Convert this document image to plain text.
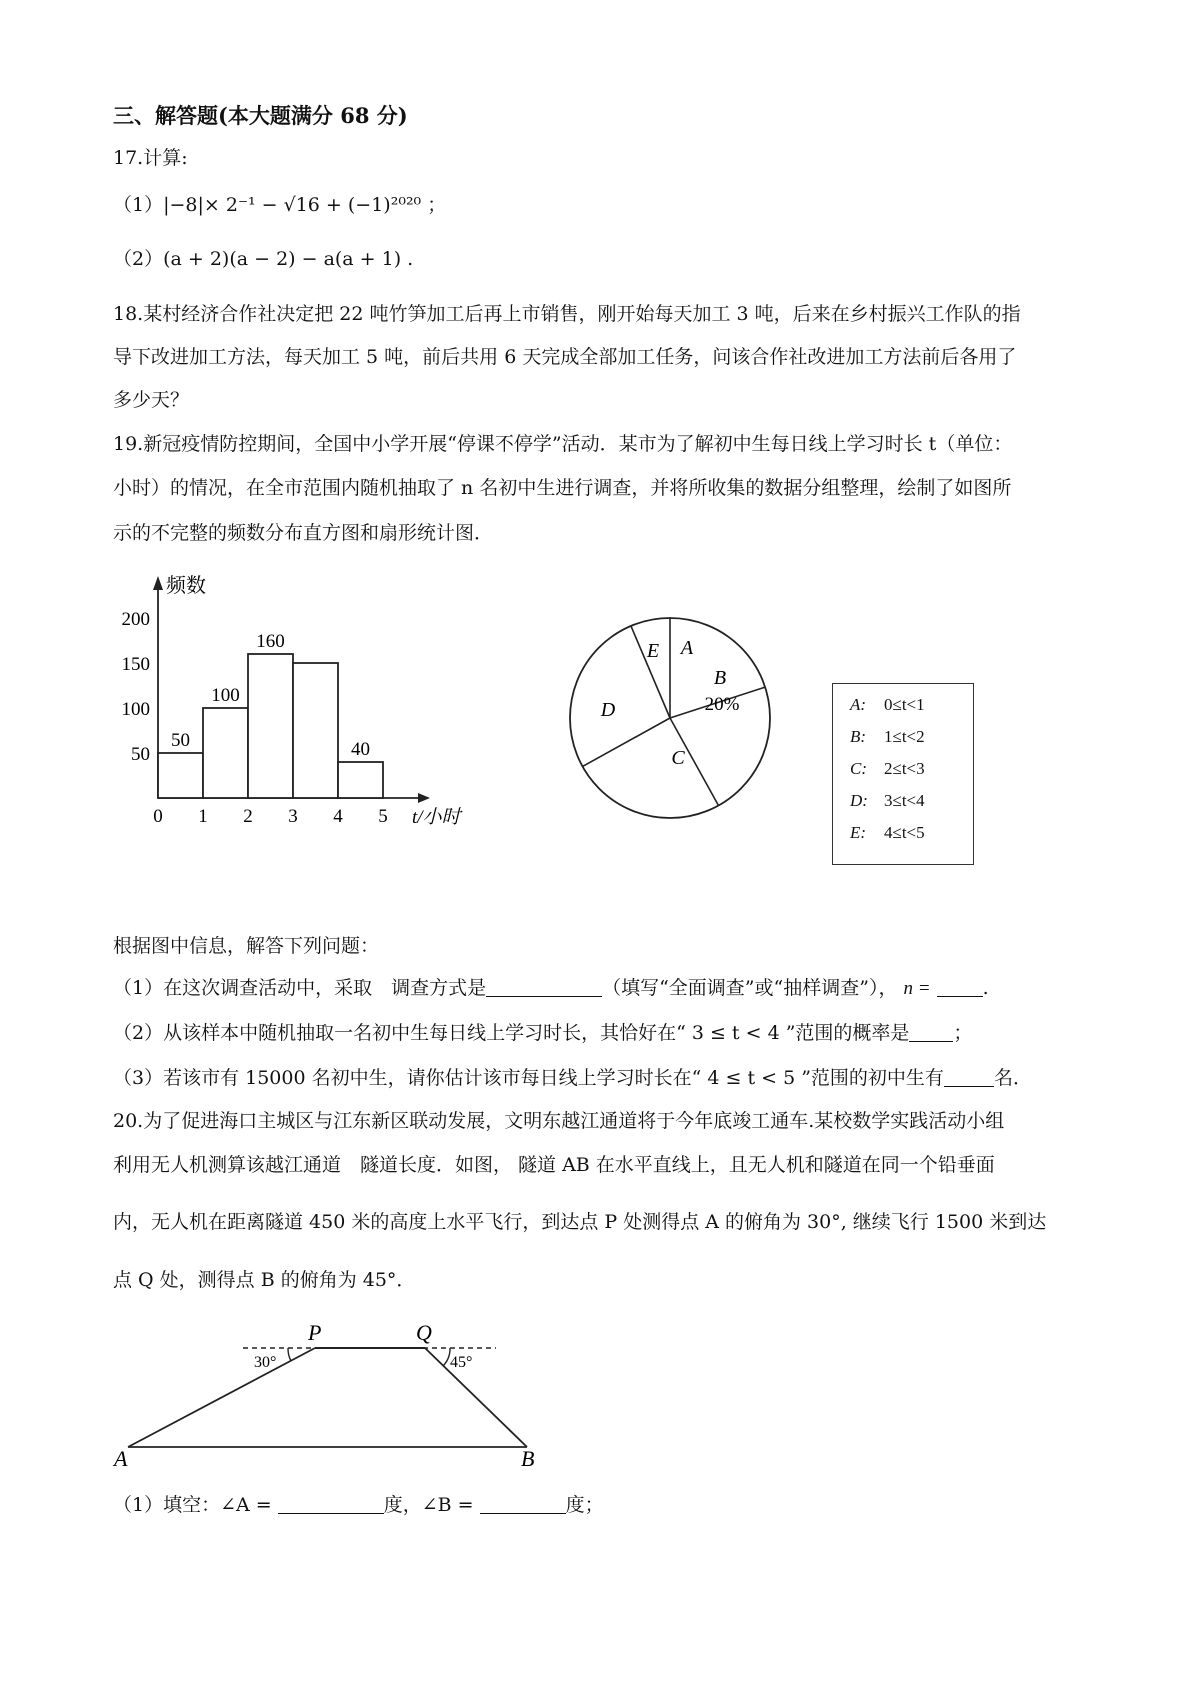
三、解答题(本大题满分 68 分)
17.计算:
（1）|−8|× 2⁻¹ − √16 + (−1)²⁰²⁰ ；
（2）(a + 2)(a − 2) − a(a + 1) .
18.某村经济合作社决定把 22 吨竹笋加工后再上市销售，刚开始每天加工 3 吨，后来在乡村振兴工作队的指
导下改进加工方法，每天加工 5 吨，前后共用 6 天完成全部加工任务，问该合作社改进加工方法前后各用了
多少天？
19.新冠疫情防控期间，全国中小学开展“停课不停学”活动．某市为了解初中生每日线上学习时长 t（单位：
小时）的情况，在全市范围内随机抽取了 n 名初中生进行调查，并将所收集的数据分组整理，绘制了如图所
示的不完整的频数分布直方图和扇形统计图．
频数
t/小时
200
150
100
50
0 1 2 3 4 5
50
100
160
40
A
B
20%
C
D
E
A: 0≤t<1
B: 1≤t<2
C: 2≤t<3
D: 3≤t<4
E: 4≤t<5
根据图中信息，解答下列问题：
（1）在这次调查活动中，采取　调查方式是	（填写“全面调查”或“抽样调查”）， n =	.
（2）从该样本中随机抽取一名初中生每日线上学习时长，其恰好在“ 3 ≤ t < 4 ”范围的概率是 ；
（3）若该市有 15000 名初中生，请你估计该市每日线上学习时长在“ 4 ≤ t < 5 ”范围的初中生有	名．
20.为了促进海口主城区与江东新区联动发展，文明东越江通道将于今年底竣工通车.某校数学实践活动小组
利用无人机测算该越江通道　隧道长度．如图， 隧道 AB 在水平直线上，且无人机和隧道在同一个铅垂面
内，无人机在距离隧道 450 米的高度上水平飞行，到达点 P 处测得点 A 的俯角为 30°, 继续飞行 1500 米到达
点 Q 处，测得点 B 的俯角为 45°．
P	Q
A	B
30°	45°
（1）填空：∠A =	度，∠B =	度；
